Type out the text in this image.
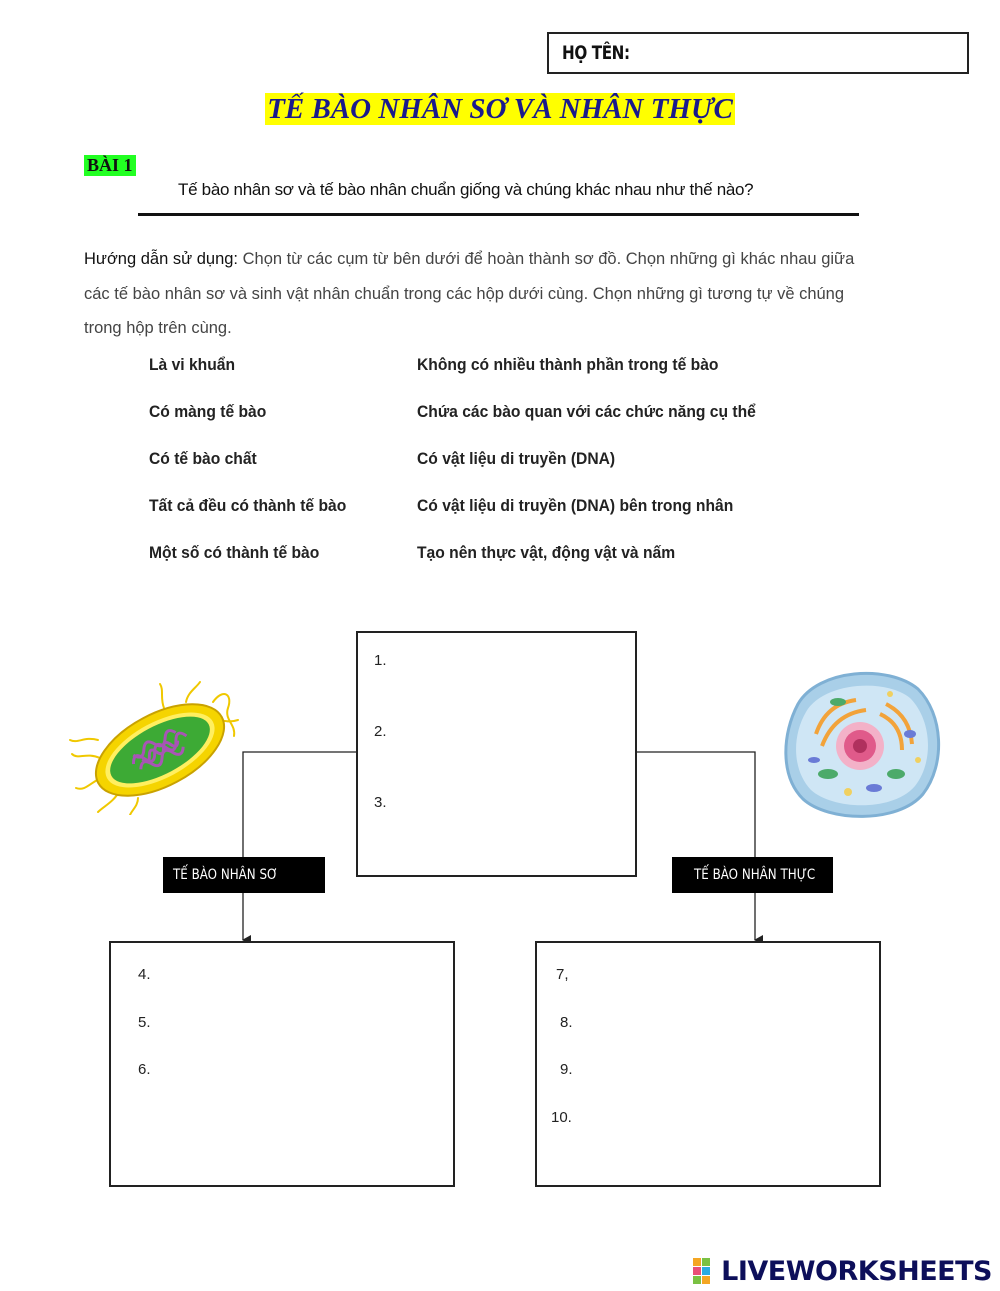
HỌ TÊN:
TẾ BÀO NHÂN SƠ VÀ NHÂN THỰC
BÀI 1
Tế bào nhân sơ và tế bào nhân chuẩn giống và chúng khác nhau như thế nào?
Hướng dẫn sử dụng: Chọn từ các cụm từ bên dưới để hoàn thành sơ đồ. Chọn những gì khác nhau giữa
các tế bào nhân sơ và sinh vật nhân chuẩn trong các hộp dưới cùng. Chọn những gì tương tự về chúng
trong hộp trên cùng.
Là vi khuẩn
Có màng tế bào
Có tế bào chất
Tất cả đều có thành tế bào
Một số có thành tế bào
Không có nhiều thành phần trong tế bào
Chứa các bào quan với các chức năng cụ thể
Có vật liệu di truyền (DNA)
Có vật liệu di truyền (DNA) bên trong nhân
Tạo nên thực vật, động vật và nấm
1.
2.
3.
TẾ BÀO NHÂN SƠ	TẾ BÀO NHÂN THỰC
4.
5.
6.
7,
8.
9.
10.
LIVEWORKSHEETS
